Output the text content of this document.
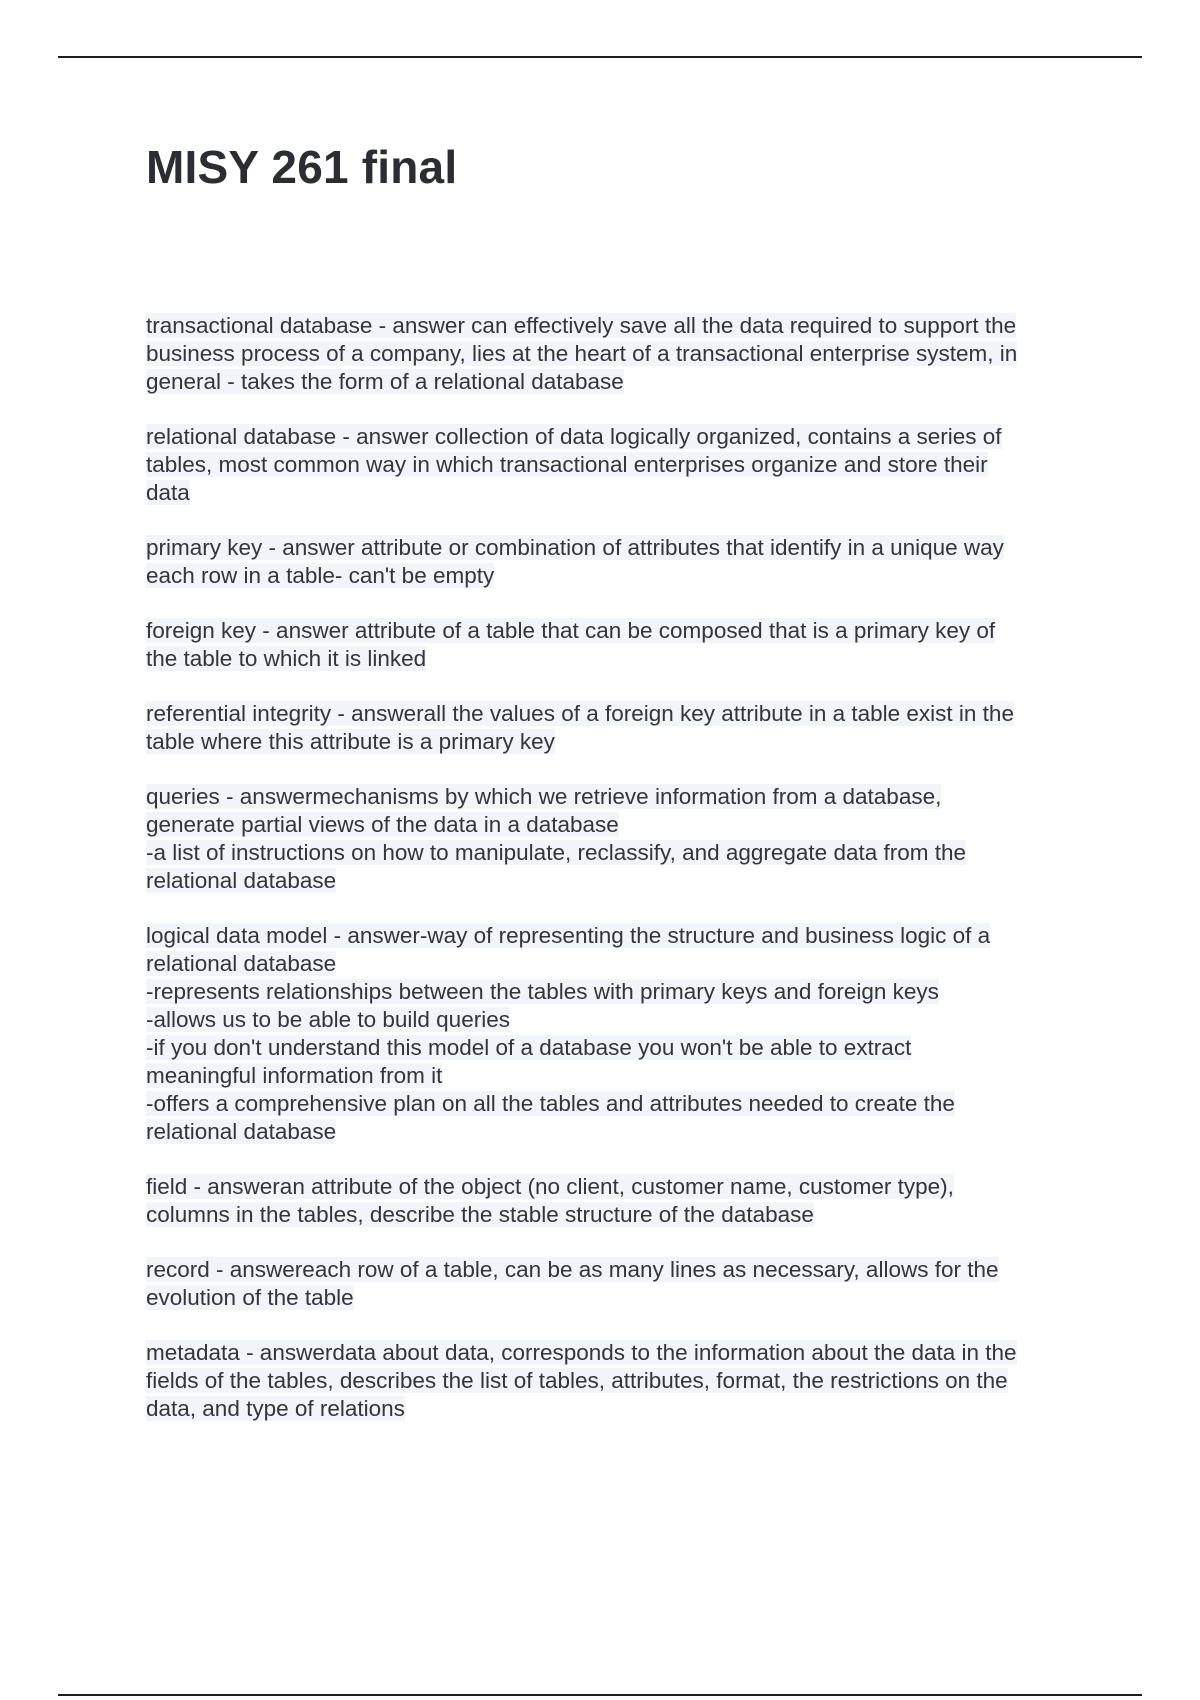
MISY 261 final
transactional database - answer can effectively save all the data required to support the
business process of a company, lies at the heart of a transactional enterprise system, in
general - takes the form of a relational database
relational database - answer collection of data logically organized, contains a series of
tables, most common way in which transactional enterprises organize and store their
data
primary key - answer attribute or combination of attributes that identify in a unique way
each row in a table- can't be empty
foreign key - answer attribute of a table that can be composed that is a primary key of
the table to which it is linked
referential integrity - answerall the values of a foreign key attribute in a table exist in the
table where this attribute is a primary key
queries - answermechanisms by which we retrieve information from a database,
generate partial views of the data in a database
-a list of instructions on how to manipulate, reclassify, and aggregate data from the
relational database
logical data model - answer-way of representing the structure and business logic of a
relational database
-represents relationships between the tables with primary keys and foreign keys
-allows us to be able to build queries
-if you don't understand this model of a database you won't be able to extract
meaningful information from it
-offers a comprehensive plan on all the tables and attributes needed to create the
relational database
field - answeran attribute of the object (no client, customer name, customer type),
columns in the tables, describe the stable structure of the database
record - answereach row of a table, can be as many lines as necessary, allows for the
evolution of the table
metadata - answerdata about data, corresponds to the information about the data in the
fields of the tables, describes the list of tables, attributes, format, the restrictions on the
data, and type of relations
